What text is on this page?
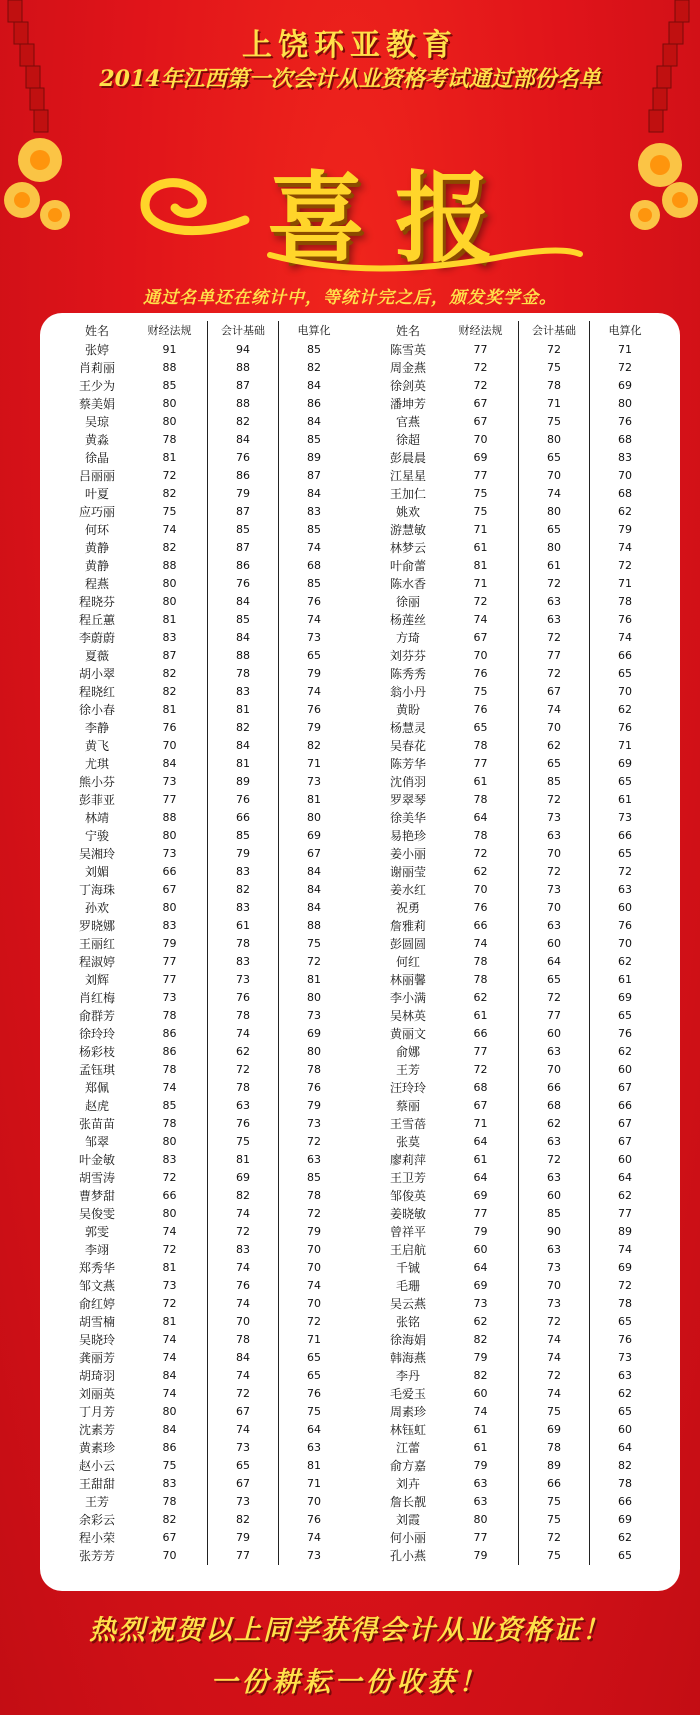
上饶环亚教育
2014年江西第一次会计从业资格考试通过部份名单
喜报
通过名单还在统计中，等统计完之后，颁发奖学金。
姓名	财经法规	会计基础	电算化
张婷	91	94	85
肖莉丽	88	88	82
王少为	85	87	84
蔡美娟	80	88	86
吴琼	80	82	84
黄淼	78	84	85
徐晶	81	76	89
吕丽丽	72	86	87
叶夏	82	79	84
应巧丽	75	87	83
何环	74	85	85
黄静	82	87	74
黄静	88	86	68
程燕	80	76	85
程晓芬	80	84	76
程丘蕙	81	85	74
李蔚蔚	83	84	73
夏薇	87	88	65
胡小翠	82	78	79
程晓红	82	83	74
徐小春	81	81	76
李静	76	82	79
黄飞	70	84	82
尤琪	84	81	71
熊小芬	73	89	73
彭菲亚	77	76	81
林靖	88	66	80
宁骏	80	85	69
吴湘玲	73	79	67
刘媚	66	83	84
丁海珠	67	82	84
孙欢	80	83	84
罗晓娜	83	61	88
王丽红	79	78	75
程淑婷	77	83	72
刘辉	77	73	81
肖红梅	73	76	80
俞群芳	78	78	73
徐玲玲	86	74	69
杨彩枝	86	62	80
孟钰琪	78	72	78
郑佩	74	78	76
赵虎	85	63	79
张苗苗	78	76	73
邹翠	80	75	72
叶金敏	83	81	63
胡雪涛	72	69	85
曹梦甜	66	82	78
吴俊雯	80	74	72
郭雯	74	72	79
李翊	72	83	70
郑秀华	81	74	70
邹文燕	73	76	74
俞红婷	72	74	70
胡雪楠	81	70	72
吴晓玲	74	78	71
龚丽芳	74	84	65
胡琦羽	84	74	65
刘丽英	74	72	76
丁月芳	80	67	75
沈素芳	84	74	64
黄素珍	86	73	63
赵小云	75	65	81
王甜甜	83	67	71
王芳	78	73	70
余彩云	82	82	76
程小荣	67	79	74
张芳芳	70	77	73
姓名	财经法规	会计基础	电算化
陈雪英	77	72	71
周金燕	72	75	72
徐剑英	72	78	69
潘坤芳	67	71	80
官燕	67	75	76
徐超	70	80	68
彭晨晨	69	65	83
江星星	77	70	70
王加仁	75	74	68
姚欢	75	80	62
游慧敏	71	65	79
林梦云	61	80	74
叶俞蕾	81	61	72
陈水香	71	72	71
徐丽	72	63	78
杨莲丝	74	63	76
方琦	67	72	74
刘芬芬	70	77	66
陈秀秀	76	72	65
翁小丹	75	67	70
黄盼	76	74	62
杨慧灵	65	70	76
吴春花	78	62	71
陈芳华	77	65	69
沈俏羽	61	85	65
罗翠琴	78	72	61
徐美华	64	73	73
易艳珍	78	63	66
姜小丽	72	70	65
谢丽莹	62	72	72
姜水红	70	73	63
祝勇	76	70	60
詹雅莉	66	63	76
彭圆圆	74	60	70
何红	78	64	62
林丽馨	78	65	61
李小满	62	72	69
吴林英	61	77	65
黄丽文	66	60	76
俞娜	77	63	62
王芳	72	70	60
汪玲玲	68	66	67
蔡丽	67	68	66
王雪蓓	71	62	67
张莫	64	63	67
廖莉萍	61	72	60
王卫芳	64	63	64
邹俊英	69	60	62
姜晓敏	77	85	77
曾祥平	79	90	89
王启航	60	63	74
千铖	64	73	69
毛珊	69	70	72
吴云燕	73	73	78
张铭	62	72	65
徐海娟	82	74	76
韩海燕	79	74	73
李丹	82	72	63
毛爱玉	60	74	62
周素珍	74	75	65
林钰虹	61	69	60
江蕾	61	78	64
俞方嘉	79	89	82
刘卉	63	66	78
詹长靓	63	75	66
刘霞	80	75	69
何小丽	77	72	62
孔小燕	79	75	65
热烈祝贺以上同学获得会计从业资格证！
一份耕耘一份收获！
